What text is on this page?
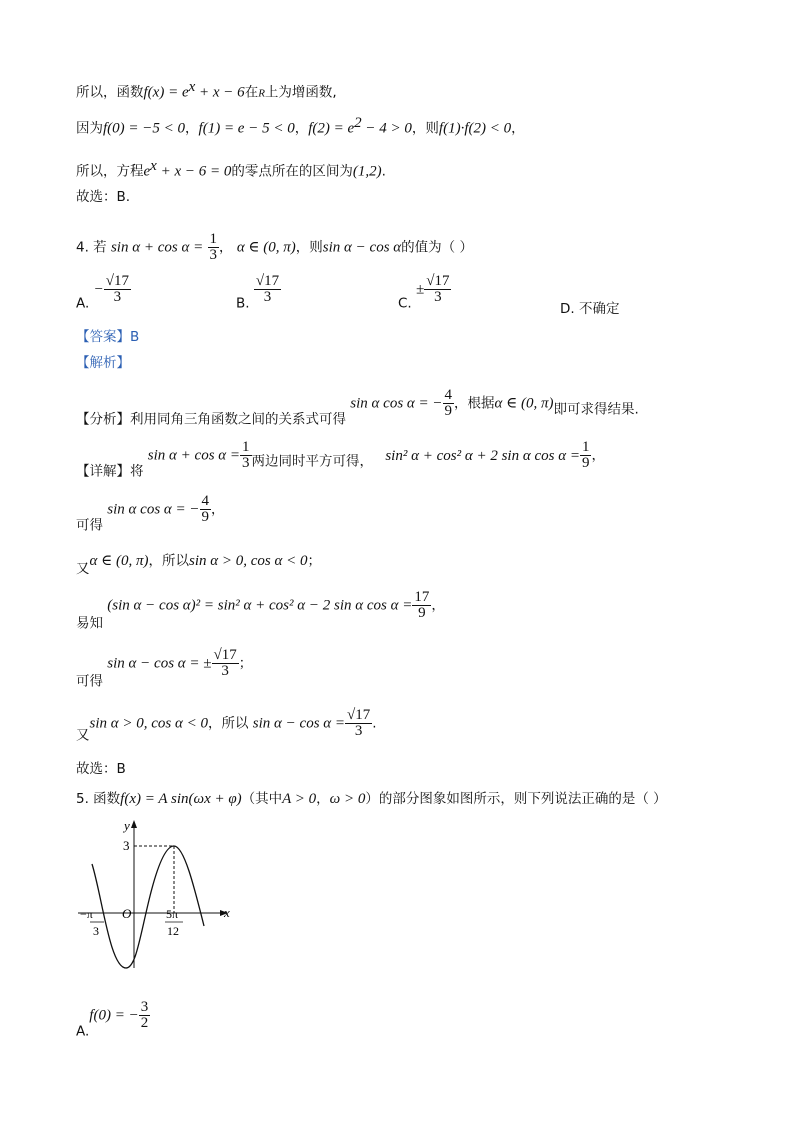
所以，函数$f(x) = e^x + x - 6$在R上为增函数,
因为f(0) = −5 < 0，f(1) = e − 5 < 0，$f(2) = e^2 - 4 > 0$，则f(1)·f(2) < 0，
所以，方程$e^x + x - 6 = 0$的零点所在的区间为(1,2).
故选：B.
4. 若 $\sin \alpha + \cos \alpha = \frac{1}{3}$ ， α ∈ (0, π)，则sin α − cos α的值为（ ）
A. − $\frac{√17}{3}$	B. $\frac{√17}{3}$	C. ± $\frac{√17}{3}$
D. 不确定
【答案】B
【解析】
【分析】利用同角三角函数之间的关系式可得 sin α cos α = − $\frac{4}{9}$ ，根据α ∈ (0, π)即可求得结果.
【详解】将 $\sin \alpha + \cos \alpha = \frac{1}{3}$ 两边同时平方可得， sin² α + cos² α + 2 sin α $\cos \alpha = \frac{1}{9}$ ，
可得 sin α cos α = − $\frac{4}{9}$ ，
又α ∈ (0, π)，所以sin α > 0, cos α < 0；
易知 (sin α − cos α)² = sin² α + cos² α − 2 sin α $\cos \alpha = \frac{17}{9}$ ，
可得 sin α − cos α = ± $\frac{√17}{3}$ ；
又sin α > 0, cos α < 0，所以 $\sin \alpha - \cos \alpha = \frac{√17}{3}$ .
故选：B
5. 函数f(x) = A sin(ωx + φ)（其中A > 0，ω > 0）的部分图象如图所示，则下列说法正确的是（ ）
y
x
O
3
−π
3
5π
12
A.f(0) = − $\frac{3}{2}$
